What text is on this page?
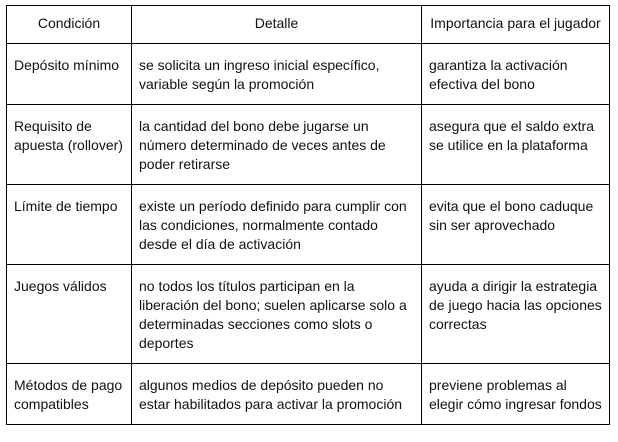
Condición	Detalle	Importancia para el jugador
Depósito mínimo	se solicita un ingreso inicial específico, variable según la promoción	garantiza la activación efectiva del bono
Requisito de apuesta (rollover)	la cantidad del bono debe jugarse un número determinado de veces antes de poder retirarse	asegura que el saldo extra se utilice en la plataforma
Límite de tiempo	existe un período definido para cumplir con las condiciones, normalmente contado desde el día de activación	evita que el bono caduque sin ser aprovechado
Juegos válidos	no todos los títulos participan en la liberación del bono; suelen aplicarse solo a determinadas secciones como slots o deportes	ayuda a dirigir la estrategia de juego hacia las opciones correctas
Métodos de pago compatibles	algunos medios de depósito pueden no estar habilitados para activar la promoción	previene problemas al elegir cómo ingresar fondos
